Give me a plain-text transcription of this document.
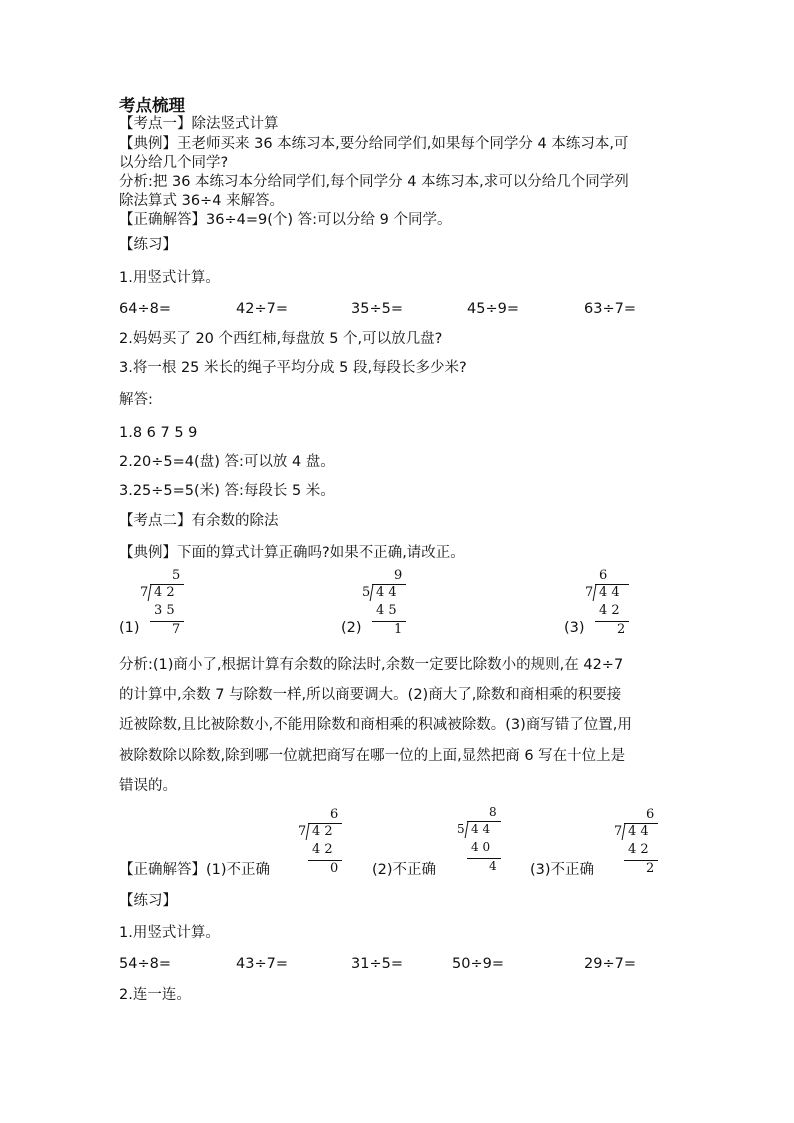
考点梳理
【考点一】除法竖式计算
【典例】王老师买来 36 本练习本,要分给同学们,如果每个同学分 4 本练习本,可
以分给几个同学?
分析:把 36 本练习本分给同学们,每个同学分 4 本练习本,求可以分给几个同学列
除法算式 36÷4 来解答。
【正确解答】36÷4=9(个) 答:可以分给 9 个同学。
【练习】
1.用竖式计算。
64÷8=	42÷7=	35÷5=	45÷9=	63÷7=
2.妈妈买了 20 个西红柿,每盘放 5 个,可以放几盘?
3.将一根 25 米长的绳子平均分成 5 段,每段长多少米?
解答:
1.8 6 7 5 9
2.20÷5=4(盘) 答:可以放 4 盘。
3.25÷5=5(米) 答:每段长 5 米。
【考点二】有余数的除法
【典例】下面的算式计算正确吗?如果不正确,请改正。
5
7 4 2
3 5
7
(1)
9
5 4 4
4 5
1
(2)
6
7 4 4
4 2
2
(3)
分析:(1)商小了,根据计算有余数的除法时,余数一定要比除数小的规则,在 42÷7
的计算中,余数 7 与除数一样,所以商要调大。(2)商大了,除数和商相乘的积要接
近被除数,且比被除数小,不能用除数和商相乘的积减被除数。(3)商写错了位置,用
被除数除以除数,除到哪一位就把商写在哪一位的上面,显然把商 6 写在十位上是
错误的。
6
7 4 2
4 2
0
8
5 4 4
4 0
4
6
7 4 4
4 2
2
【正确解答】(1)不正确	(2)不正确	(3)不正确
【练习】
1.用竖式计算。
54÷8=	43÷7=	31÷5=	50÷9=	29÷7=
2.连一连。
